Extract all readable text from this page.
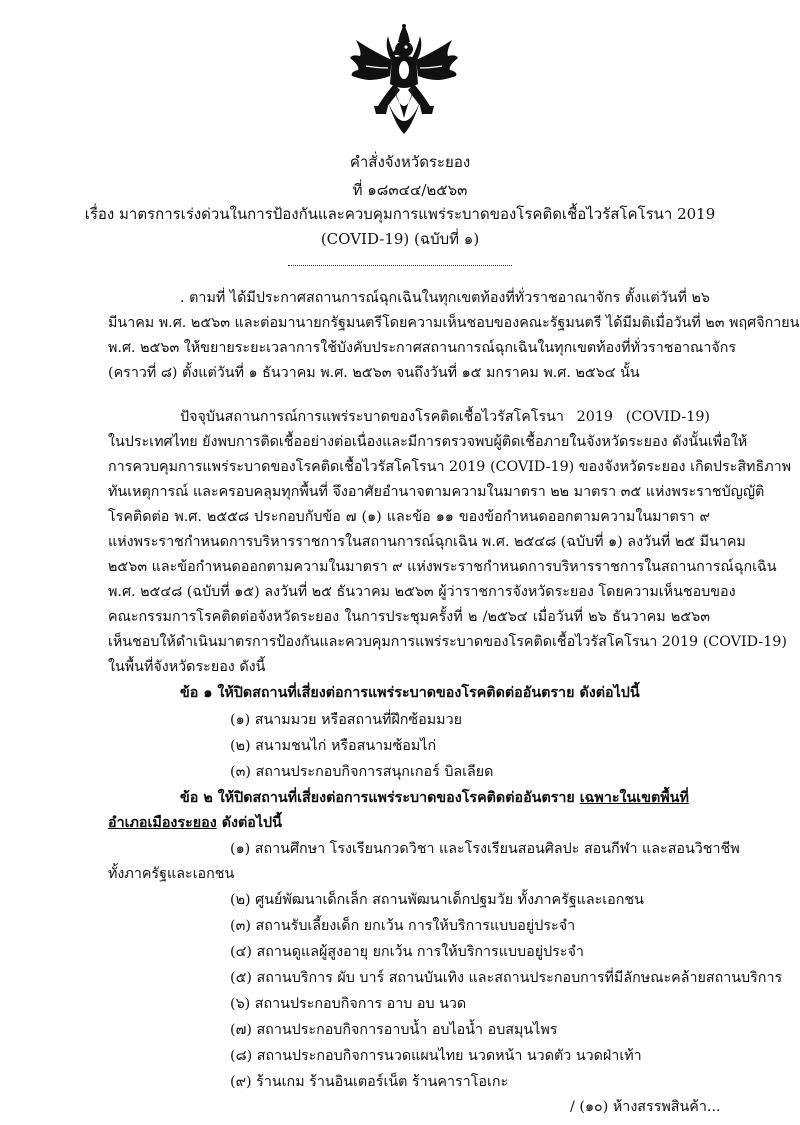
คำสั่งจังหวัดระยอง
ที่ ๑๘๓๔๔/๒๕๖๓
เรื่อง มาตรการเร่งด่วนในการป้องกันและควบคุมการแพร่ระบาดของโรคติดเชื้อไวรัสโคโรนา 2019
(COVID-19) (ฉบับที่ ๑)
. ตามที่ ได้มีประกาศสถานการณ์ฉุกเฉินในทุกเขตท้องที่ทั่วราชอาณาจักร ตั้งแต่วันที่ ๒๖
มีนาคม พ.ศ. ๒๕๖๓ และต่อมานายกรัฐมนตรีโดยความเห็นชอบของคณะรัฐมนตรี ได้มีมติเมื่อวันที่ ๒๓ พฤศจิกายน
พ.ศ. ๒๕๖๓ ให้ขยายระยะเวลาการใช้บังคับประกาศสถานการณ์ฉุกเฉินในทุกเขตท้องที่ทั่วราชอาณาจักร
(คราวที่ ๘) ตั้งแต่วันที่ ๑ ธันวาคม พ.ศ. ๒๕๖๓ จนถึงวันที่ ๑๕ มกราคม พ.ศ. ๒๕๖๔ นั้น
ปัจจุบันสถานการณ์การแพร่ระบาดของโรคติดเชื้อไวรัสโคโรนา 2019 (COVID-19)
ในประเทศไทย ยังพบการติดเชื้ออย่างต่อเนื่องและมีการตรวจพบผู้ติดเชื้อภายในจังหวัดระยอง ดังนั้นเพื่อให้
การควบคุมการแพร่ระบาดของโรคติดเชื้อไวรัสโคโรนา 2019 (COVID-19) ของจังหวัดระยอง เกิดประสิทธิภาพ
ทันเหตุการณ์ และครอบคลุมทุกพื้นที่ จึงอาศัยอำนาจตามความในมาตรา ๒๒ มาตรา ๓๕ แห่งพระราชบัญญัติ
โรคติดต่อ พ.ศ. ๒๕๕๘ ประกอบกับข้อ ๗ (๑) และข้อ ๑๑ ของข้อกำหนดออกตามความในมาตรา ๙
แห่งพระราชกำหนดการบริหารราชการในสถานการณ์ฉุกเฉิน พ.ศ. ๒๕๔๘ (ฉบับที่ ๑) ลงวันที่ ๒๕ มีนาคม
๒๕๖๓ และข้อกำหนดออกตามความในมาตรา ๙ แห่งพระราชกำหนดการบริหารราชการในสถานการณ์ฉุกเฉิน
พ.ศ. ๒๕๔๘ (ฉบับที่ ๑๕) ลงวันที่ ๒๕ ธันวาคม ๒๕๖๓ ผู้ว่าราชการจังหวัดระยอง โดยความเห็นชอบของ
คณะกรรมการโรคติดต่อจังหวัดระยอง ในการประชุมครั้งที่ ๒ /๒๕๖๔ เมื่อวันที่ ๒๖ ธันวาคม ๒๕๖๓
เห็นชอบให้ดำเนินมาตรการป้องกันและควบคุมการแพร่ระบาดของโรคติดเชื้อไวรัสโคโรนา 2019 (COVID-19)
ในพื้นที่จังหวัดระยอง ดังนี้
ข้อ ๑ ให้ปิดสถานที่เสี่ยงต่อการแพร่ระบาดของโรคติดต่ออันตราย ดังต่อไปนี้
(๑) สนามมวย หรือสถานที่ฝึกซ้อมมวย
(๒) สนามชนไก่ หรือสนามซ้อมไก่
(๓) สถานประกอบกิจการสนุกเกอร์ บิลเลียด
ข้อ ๒ ให้ปิดสถานที่เสี่ยงต่อการแพร่ระบาดของโรคติดต่ออันตราย เฉพาะในเขตพื้นที่
อำเภอเมืองระยอง ดังต่อไปนี้
(๑) สถานศึกษา โรงเรียนกวดวิชา และโรงเรียนสอนศิลปะ สอนกีฬา และสอนวิชาชีพ
ทั้งภาครัฐและเอกชน
(๒) ศูนย์พัฒนาเด็กเล็ก สถานพัฒนาเด็กปฐมวัย ทั้งภาครัฐและเอกชน
(๓) สถานรับเลี้ยงเด็ก ยกเว้น การให้บริการแบบอยู่ประจำ
(๔) สถานดูแลผู้สูงอายุ ยกเว้น การให้บริการแบบอยู่ประจำ
(๕) สถานบริการ ผับ บาร์ สถานบันเทิง และสถานประกอบการที่มีลักษณะคล้ายสถานบริการ
(๖) สถานประกอบกิจการ อาบ อบ นวด
(๗) สถานประกอบกิจการอาบน้ำ อบไอน้ำ อบสมุนไพร
(๘) สถานประกอบกิจการนวดแผนไทย นวดหน้า นวดตัว นวดฝ่าเท้า
(๙) ร้านเกม ร้านอินเตอร์เน็ต ร้านคาราโอเกะ
/ (๑๐) ห้างสรรพสินค้า...
